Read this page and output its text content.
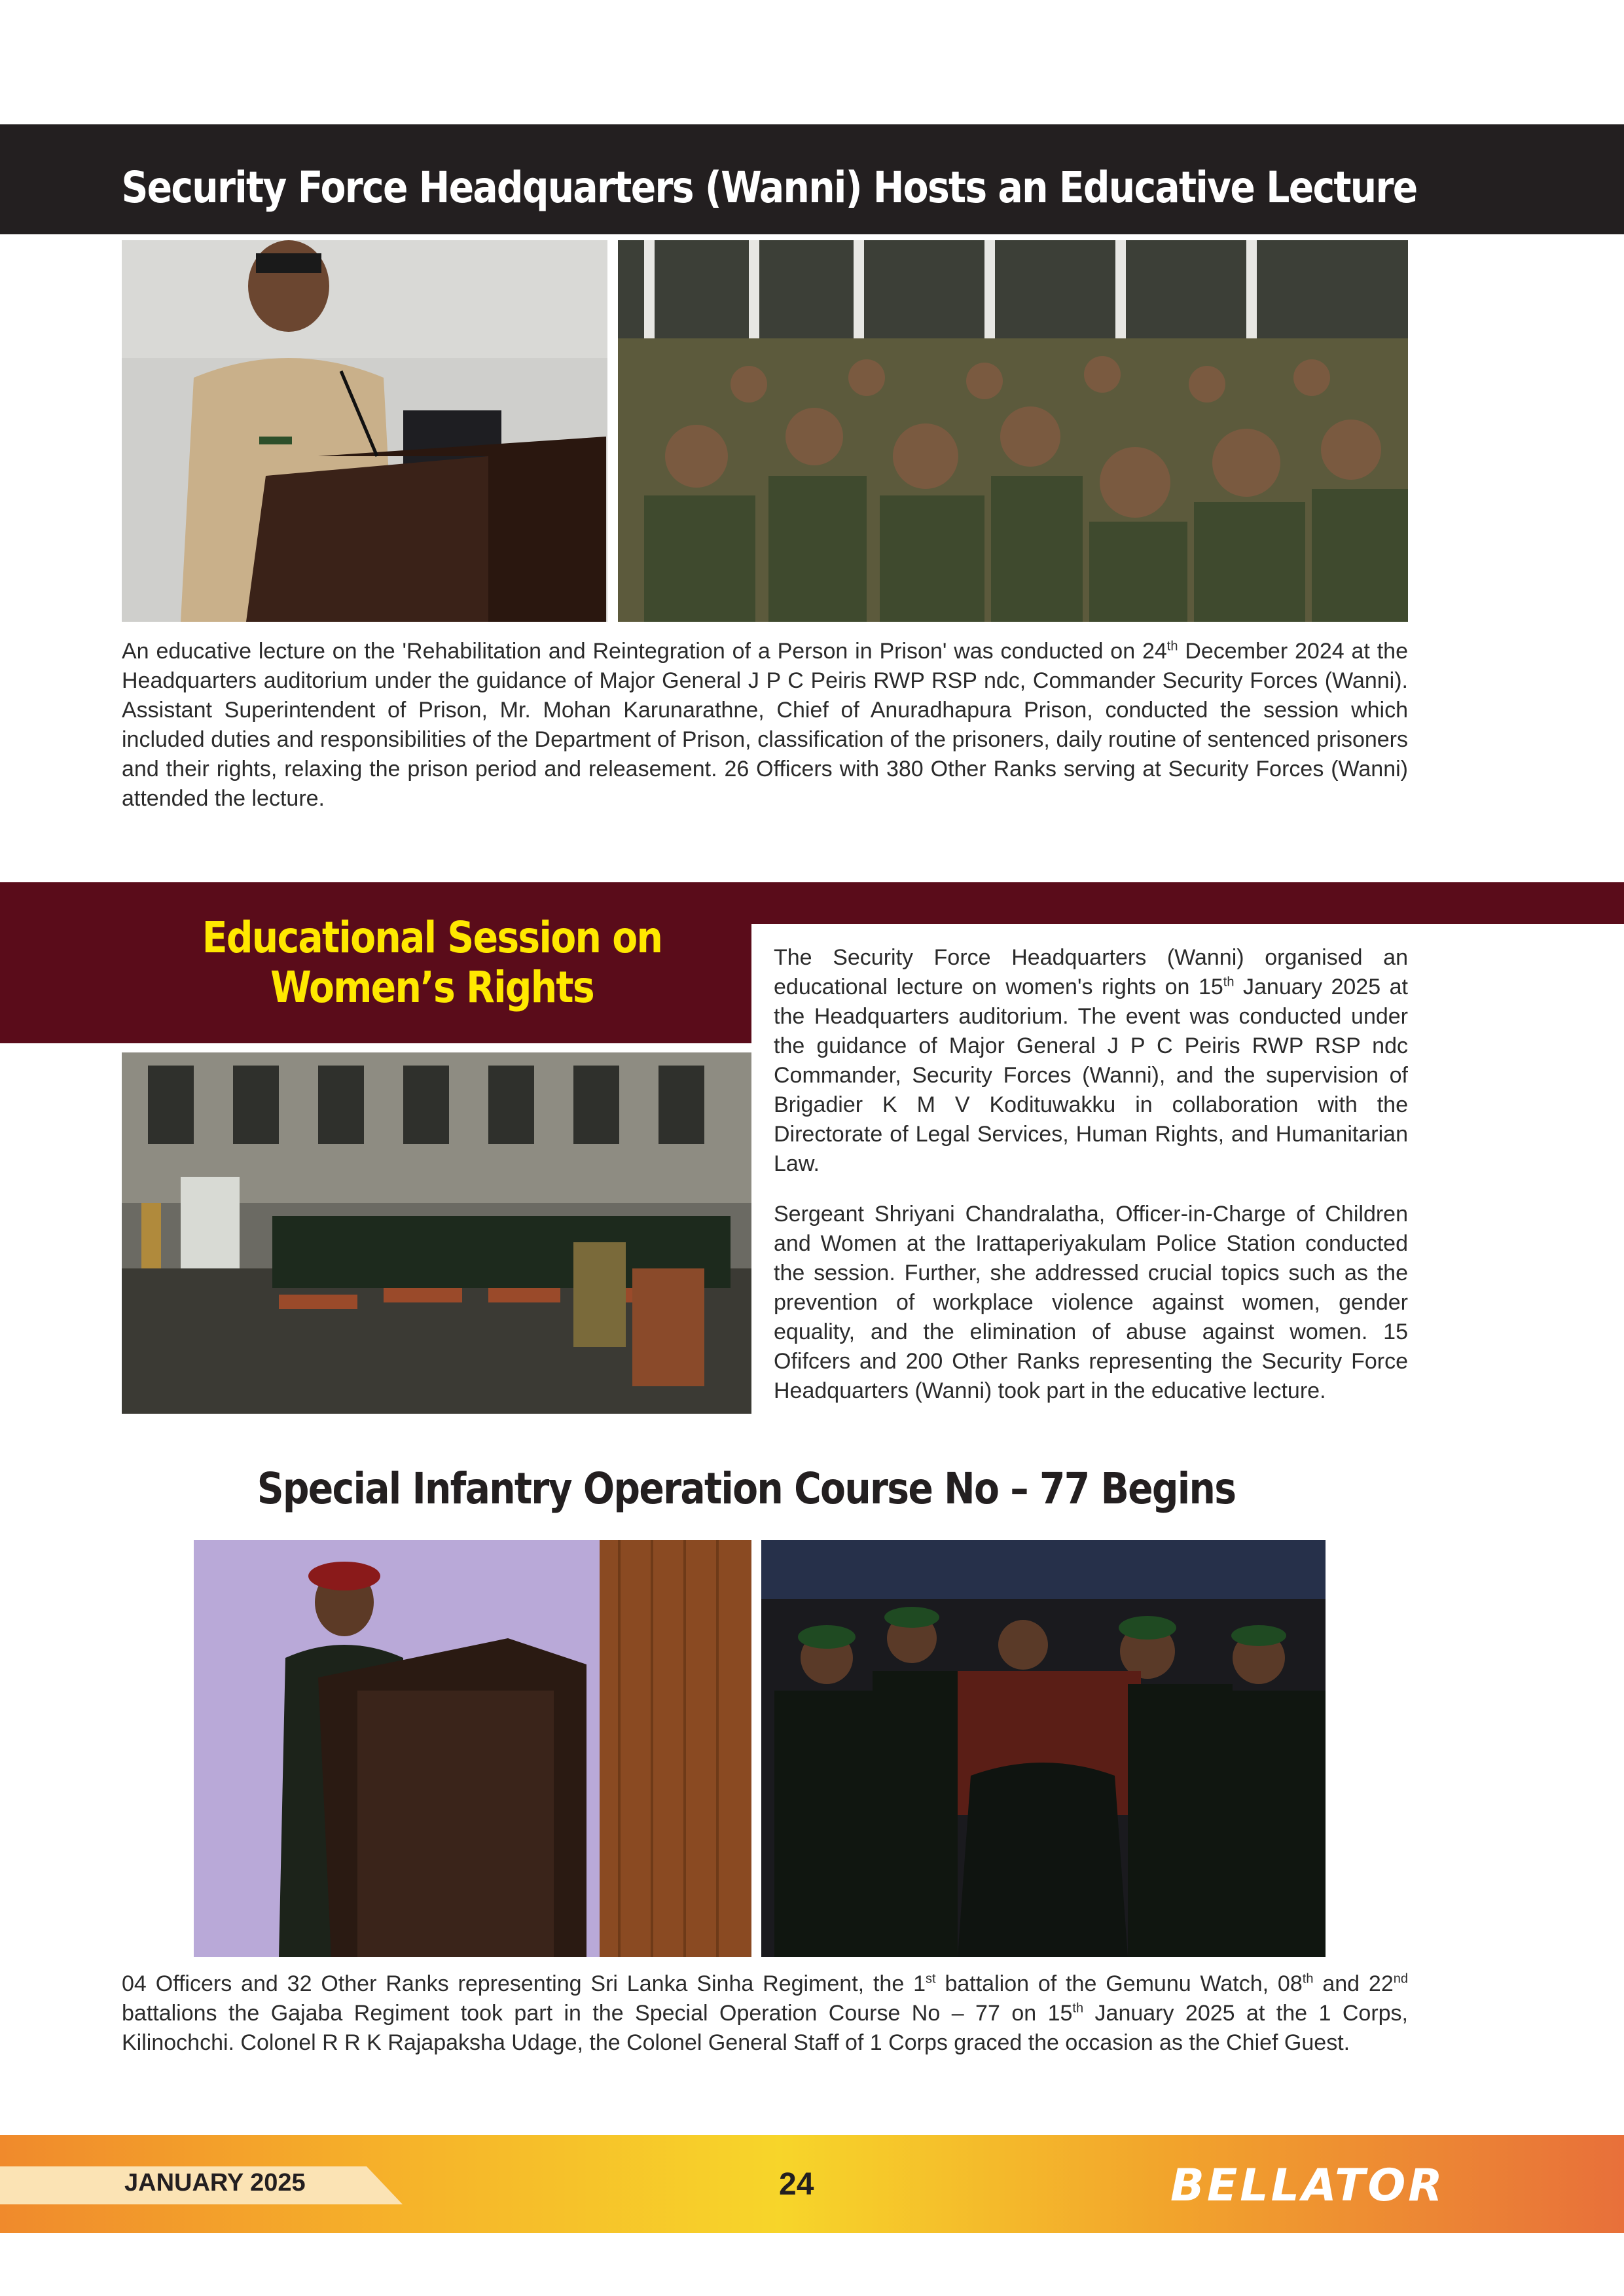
Security Force Headquarters (Wanni) Hosts an Educative Lecture

An educative lecture on the 'Rehabilitation and Reintegration of a Person in Prison' was conducted on 24th December 2024 at the Headquarters auditorium under the guidance of Major General J P C Peiris RWP RSP ndc, Commander Security Forces (Wanni). Assistant Superintendent of Prison, Mr. Mohan Karunarathne, Chief of Anuradhapura Prison, conducted the session which included duties and responsibilities of the Department of Prison, classification of the prisoners, daily routine of sentenced prisoners and their rights, relaxing the prison period and releasement. 26 Officers with 380 Other Ranks serving at Security Forces (Wanni) attended the lecture.

Educational Session on
Women’s Rights

The Security Force Headquarters (Wanni) organised an educational lecture on women's rights on 15th January 2025 at the Headquarters auditorium. The event was conducted under the guidance of Major General J P C Peiris RWP RSP ndc Commander, Security Forces (Wanni), and the supervision of Brigadier K M V Kodituwakku in collaboration with the Directorate of Legal Services, Human Rights, and Humanitarian Law.

Sergeant Shriyani Chandralatha, Officer-in-Charge of Children and Women at the Irattaperiyakulam Police Station conducted the session. Further, she addressed crucial topics such as the prevention of workplace violence against women, gender equality, and the elimination of abuse against women. 15 Ofifcers and 200 Other Ranks representing the Security Force Headquarters (Wanni) took part in the educative lecture.

Special Infantry Operation Course No – 77 Begins

04 Officers and 32 Other Ranks representing Sri Lanka Sinha Regiment, the 1st battalion of the Gemunu Watch, 08th and 22nd battalions the Gajaba Regiment took part in the Special Operation Course No – 77 on 15th January 2025 at the 1 Corps, Kilinochchi. Colonel R R K Rajapaksha Udage, the Colonel General Staff of 1 Corps graced the occasion as the Chief Guest.

JANUARY 2025	24	BELLATOR
